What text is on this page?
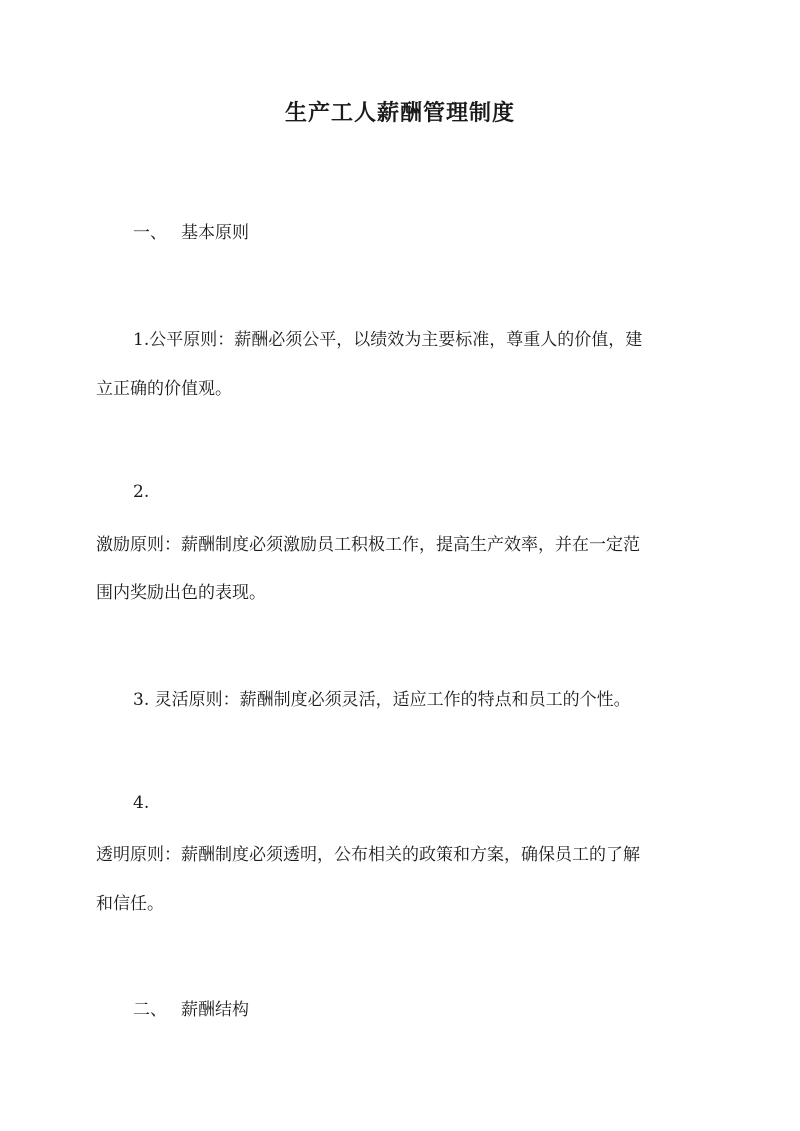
生产工人薪酬管理制度
一、 基本原则
1.公平原则：薪酬必须公平，以绩效为主要标准，尊重人的价值，建
立正确的价值观。
2.
激励原则：薪酬制度必须激励员工积极工作，提高生产效率，并在一定范
围内奖励出色的表现。
3. 灵活原则：薪酬制度必须灵活，适应工作的特点和员工的个性。
4.
透明原则：薪酬制度必须透明，公布相关的政策和方案，确保员工的了解
和信任。
二、 薪酬结构
